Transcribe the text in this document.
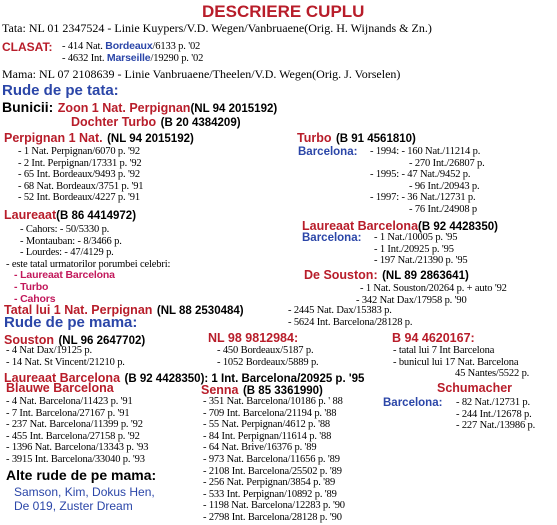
DESCRIERE CUPLU
Tata: NL 01 2347524 - Linie Kuypers/V.D. Wegen/Vanbruaene(Orig. H. Wijnands & Zn.)
CLASAT: - 414 Nat. Bordeaux/6133 p. '02
- 4632 Int. Marseille/19290 p. '02
Mama: NL 07 2108639 - Linie Vanbruaene/Theelen/V.D. Wegen(Orig. J. Vorselen)
Rude de pe tata:
Bunicii: Zoon 1 Nat. Perpignan(NL 94 2015192)
Dochter Turbo (B 20 4384209)
Perpignan 1 Nat. (NL 94 2015192)
- 1 Nat. Perpignan/6070 p. '92
- 2 Int. Perpignan/17331 p. '92
- 65 Int. Bordeaux/9493 p. '92
- 68 Nat. Bordeaux/3751 p. '91
- 52 Int. Bordeaux/4227 p. '91
Turbo (B 91 4561810)
Barcelona: - 1994: - 160 Nat./11214 p.
- 270 Int./26807 p.
- 1995: - 47 Nat./9452 p.
- 96 Int./20943 p.
- 1997: - 36 Nat./12731 p.
- 76 Int./24908 p
Laureaat(B 86 4414972)
- Cahors: - 50/5330 p.
- Montauban: - 8/3466 p.
- Lourdes: - 47/4129 p.
- este tatal urmatorilor porumbei celebri:
- Laureaat Barcelona
- Turbo
- Cahors
Laureaat Barcelona(B 92 4428350)
Barcelona: - 1 Nat./10005 p. '95
- 1 Int./20925 p. '95
- 197 Nat./21390 p. '95
De Souston: (NL 89 2863641)
- 1 Nat. Souston/20264 p. + auto '92
- 342 Nat Dax/17958 p. '90
Tatal lui 1 Nat. Perpignan (NL 88 2530484)	- 2445 Nat. Dax/15383 p.
- 5624 Int. Barcelona/28128 p.
Rude de pe mama:
Souston (NL 96 2647702)
- 4 Nat Dax/19125 p.
- 14 Nat. St Vincent/21210 p.
NL 98 9812984:
- 450 Bordeaux/5187 p.
- 1052 Bordeaux/5889 p.
B 94 4620167:
- tatal lui 7 Int Barcelona
- bunicul lui 17 Nat. Barcelona
45 Nantes/5522 p.
Laureaat Barcelona (B 92 4428350): 1 Int. Barcelona/20925 p. '95
Blauwe Barcelona
- 4 Nat. Barcelona/11423 p. '91
- 7 Int. Barcelona/27167 p. '91
- 237 Nat. Barcelona/11399 p. '92
- 455 Int. Barcelona/27158 p. '92
- 1396 Nat. Barcelona/13343 p. '93
- 3915 Int. Barcelona/33040 p. '93
Senna (B 85 3361990)
- 351 Nat. Barcelona/10186 p. ' 88
- 709 Int. Barcelona/21194 p. '88
- 55 Nat. Perpignan/4612 p. '88
- 84 Int. Perpignan/11614 p. '88
- 64 Nat. Brive/16376 p. '89
- 973 Nat. Barcelona/11656 p. '89
- 2108 Int. Barcelona/25502 p. '89
- 256 Nat. Perpignan/3854 p. '89
- 533 Int. Perpignan/10892 p. '89
- 1198 Nat. Barcelona/12283 p. '90
- 2798 Int. Barcelona/28128 p. '90
Schumacher
Barcelona: - 82 Nat./12731 p.
- 244 Int./12678 p.
- 227 Nat./13986 p.
Alte rude de pe mama:
Samson, Kim, Dokus Hen,
De 019, Zuster Dream
